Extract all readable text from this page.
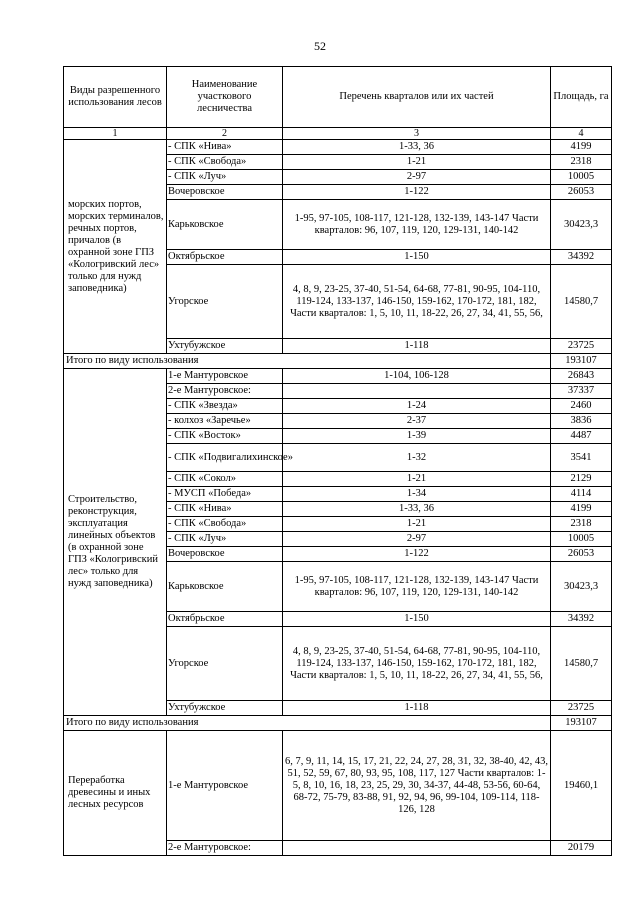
52
Виды разрешенного использования лесов	Наименование участкового лесничества	Перечень кварталов или их частей	Площадь, га
1	2	3	4
морских портов, морских терминалов, речных портов, причалов (в охранной зоне ГПЗ «Кологривский лес» только для нужд заповедника)	- СПК «Нива»	1-33, 36	4199
	- СПК «Свобода»	1-21	2318
	- СПК «Луч»	2-97	10005
	Вочеровское	1-122	26053
	Карьковское	1-95, 97-105, 108-117, 121-128, 132-139, 143-147 Части кварталов: 96, 107, 119, 120, 129-131, 140-142	30423,3
	Октябрьское	1-150	34392
	Угорское	4, 8, 9, 23-25, 37-40, 51-54, 64-68, 77-81, 90-95, 104-110, 119-124, 133-137, 146-150, 159-162, 170-172, 181, 182, Части кварталов: 1, 5, 10, 11, 18-22, 26, 27, 34, 41, 55, 56,	14580,7
	Ухтубужское	1-118	23725
Итого по виду использования			193107
Строительство, реконструкция, эксплуатация линейных объектов (в охранной зоне ГПЗ «Кологривский лес» только для нужд заповедника)	1-е Мантуровское	1-104, 106-128	26843
	2-е Мантуровское:		37337
	- СПК «Звезда»	1-24	2460
	- колхоз «Заречье»	2-37	3836
	- СПК «Восток»	1-39	4487
	- СПК «Подвигалихинское»	1-32	3541
	- СПК «Сокол»	1-21	2129
	- МУСП «Победа»	1-34	4114
	- СПК «Нива»	1-33, 36	4199
	- СПК «Свобода»	1-21	2318
	- СПК «Луч»	2-97	10005
	Вочеровское	1-122	26053
	Карьковское	1-95, 97-105, 108-117, 121-128, 132-139, 143-147 Части кварталов: 96, 107, 119, 120, 129-131, 140-142	30423,3
	Октябрьское	1-150	34392
	Угорское	4, 8, 9, 23-25, 37-40, 51-54, 64-68, 77-81, 90-95, 104-110, 119-124, 133-137, 146-150, 159-162, 170-172, 181, 182, Части кварталов: 1, 5, 10, 11, 18-22, 26, 27, 34, 41, 55, 56,	14580,7
	Ухтубужское	1-118	23725
Итого по виду использования			193107
Переработка древесины и иных лесных ресурсов	1-е Мантуровское	6, 7, 9, 11, 14, 15, 17, 21, 22, 24, 27, 28, 31, 32, 38-40, 42, 43, 51, 52, 59, 67, 80, 93, 95, 108, 117, 127 Части кварталов: 1-5, 8, 10, 16, 18, 23, 25, 29, 30, 34-37, 44-48, 53-56, 60-64, 68-72, 75-79, 83-88, 91, 92, 94, 96, 99-104, 109-114, 118-126, 128	19460,1
	2-е Мантуровское:		20179
